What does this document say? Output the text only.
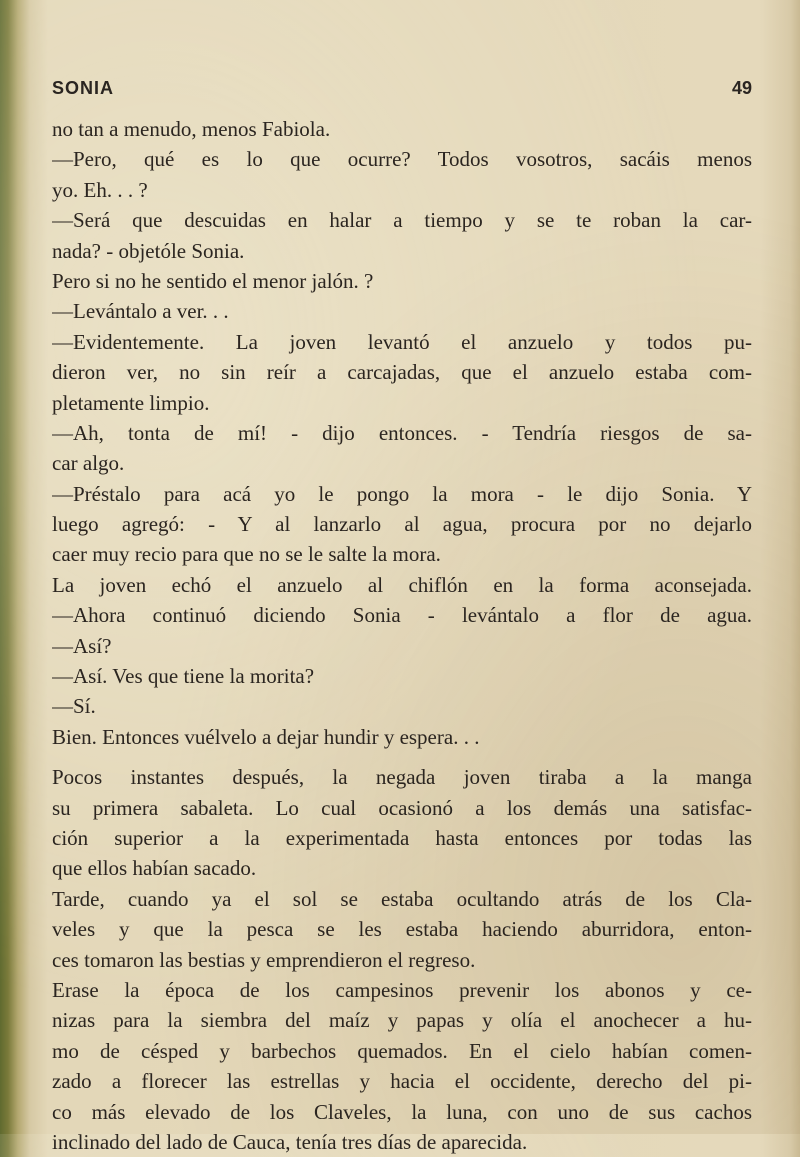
SONIA	49
no tan a menudo, menos Fabiola.
—Pero, qué es lo que ocurre? Todos vosotros, sacáis menos
yo. Eh. . . ?
—Será que descuidas en halar a tiempo y se te roban la car-
nada? - objetóle Sonia.
Pero si no he sentido el menor jalón. ?
—Levántalo a ver. . .
—Evidentemente. La joven levantó el anzuelo y todos pu-
dieron ver, no sin reír a carcajadas, que el anzuelo estaba com-
pletamente limpio.
—Ah, tonta de mí! - dijo entonces. - Tendría riesgos de sa-
car algo.
—Préstalo para acá yo le pongo la mora - le dijo Sonia. Y
luego agregó: - Y al lanzarlo al agua, procura por no dejarlo
caer muy recio para que no se le salte la mora.
La joven echó el anzuelo al chiflón en la forma aconsejada.
—Ahora continuó diciendo Sonia - levántalo a flor de agua.
—Así?
—Así. Ves que tiene la morita?
—Sí.
Bien. Entonces vuélvelo a dejar hundir y espera. . .
Pocos instantes después, la negada joven tiraba a la manga
su primera sabaleta. Lo cual ocasionó a los demás una satisfac-
ción superior a la experimentada hasta entonces por todas las
que ellos habían sacado.
Tarde, cuando ya el sol se estaba ocultando atrás de los Cla-
veles y que la pesca se les estaba haciendo aburridora, enton-
ces tomaron las bestias y emprendieron el regreso.
Erase la época de los campesinos prevenir los abonos y ce-
nizas para la siembra del maíz y papas y olía el anochecer a hu-
mo de césped y barbechos quemados. En el cielo habían comen-
zado a florecer las estrellas y hacia el occidente, derecho del pi-
co más elevado de los Claveles, la luna, con uno de sus cachos
inclinado del lado de Cauca, tenía tres días de aparecida.
